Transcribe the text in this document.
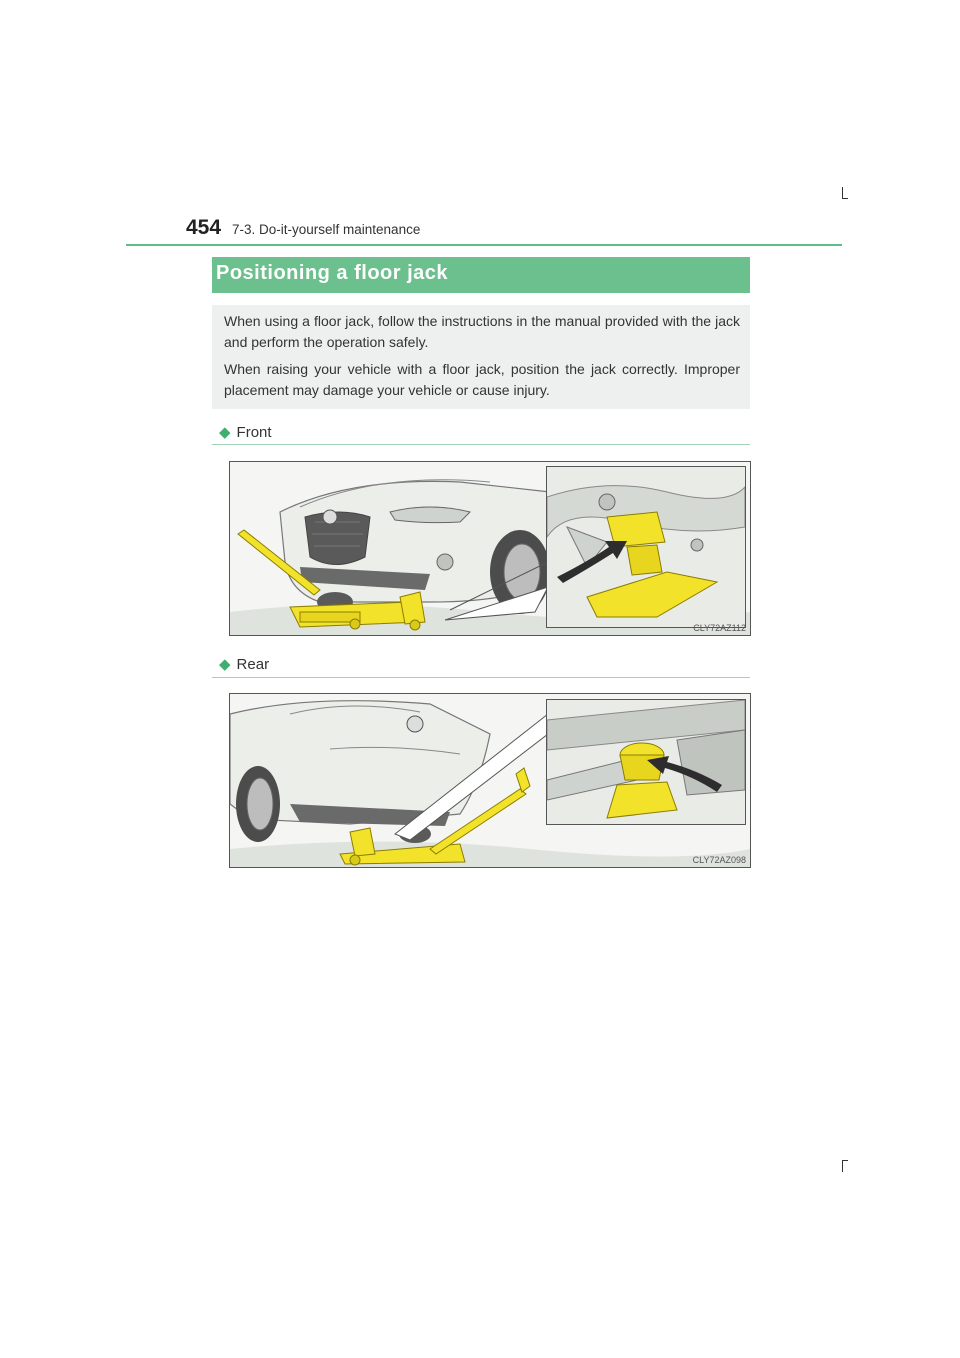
454 7-3. Do-it-yourself maintenance
Positioning a floor jack

When using a floor jack, follow the instructions in the manual provided with the jack and perform the operation safely.

When raising your vehicle with a floor jack, position the jack correctly. Improper placement may damage your vehicle or cause injury.

◆ Front
CLY72AZ112
◆ Rear
CLY72AZ098
